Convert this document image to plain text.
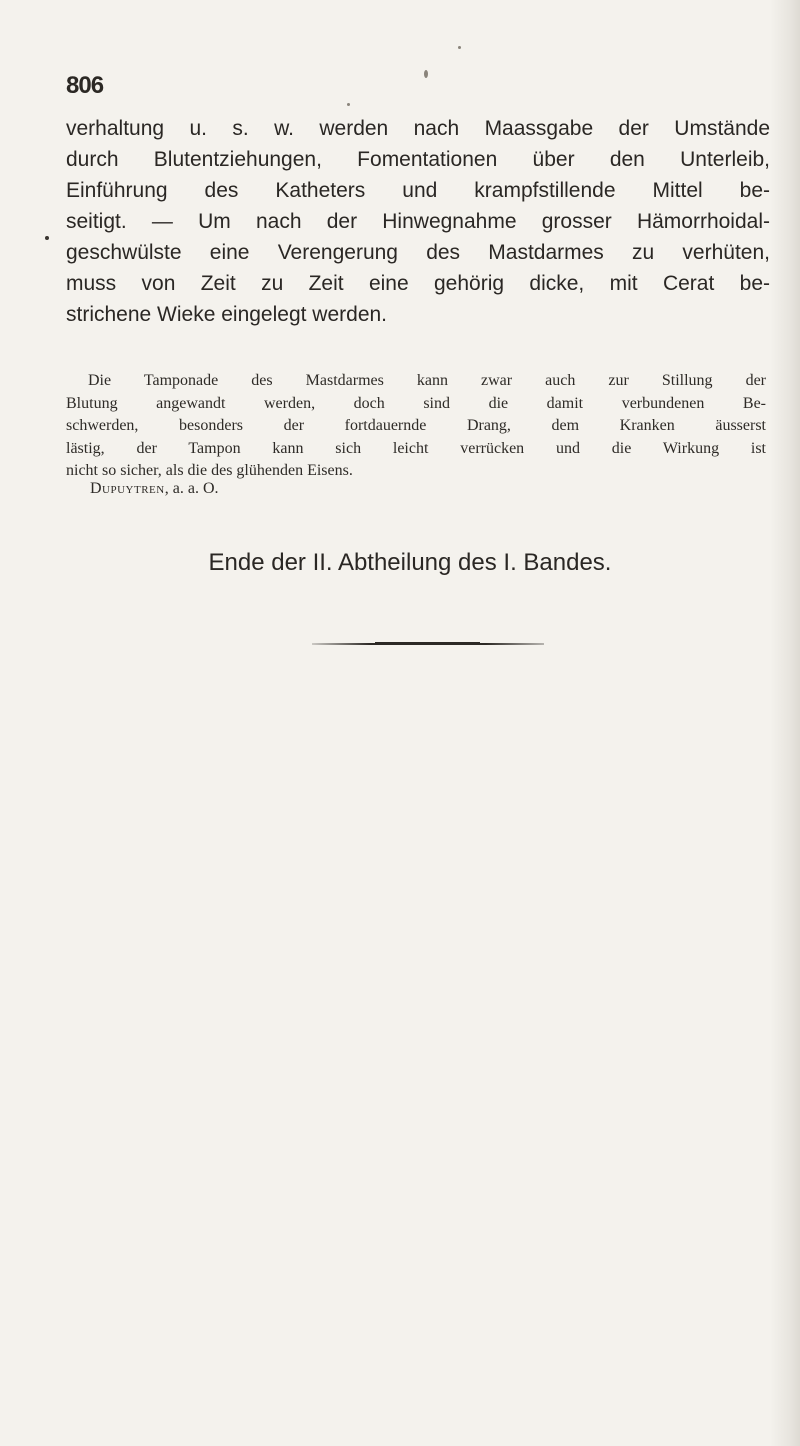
806
verhaltung u. s. w. werden nach Maassgabe der Umstände
durch Blutentziehungen, Fomentationen über den Unterleib,
Einführung des Katheters und krampfstillende Mittel be-
seitigt. — Um nach der Hinwegnahme grosser Hämorrhoidal-
geschwülste eine Verengerung des Mastdarmes zu verhüten,
muss von Zeit zu Zeit eine gehörig dicke, mit Cerat be-
strichene Wieke eingelegt werden.
Die Tamponade des Mastdarmes kann zwar auch zur Stillung der
Blutung angewandt werden, doch sind die damit verbundenen Be-
schwerden, besonders der fortdauernde Drang, dem Kranken äusserst
lästig, der Tampon kann sich leicht verrücken und die Wirkung ist
nicht so sicher, als die des glühenden Eisens.
Dupuytren, a. a. O.
Ende der II. Abtheilung des I. Bandes.
